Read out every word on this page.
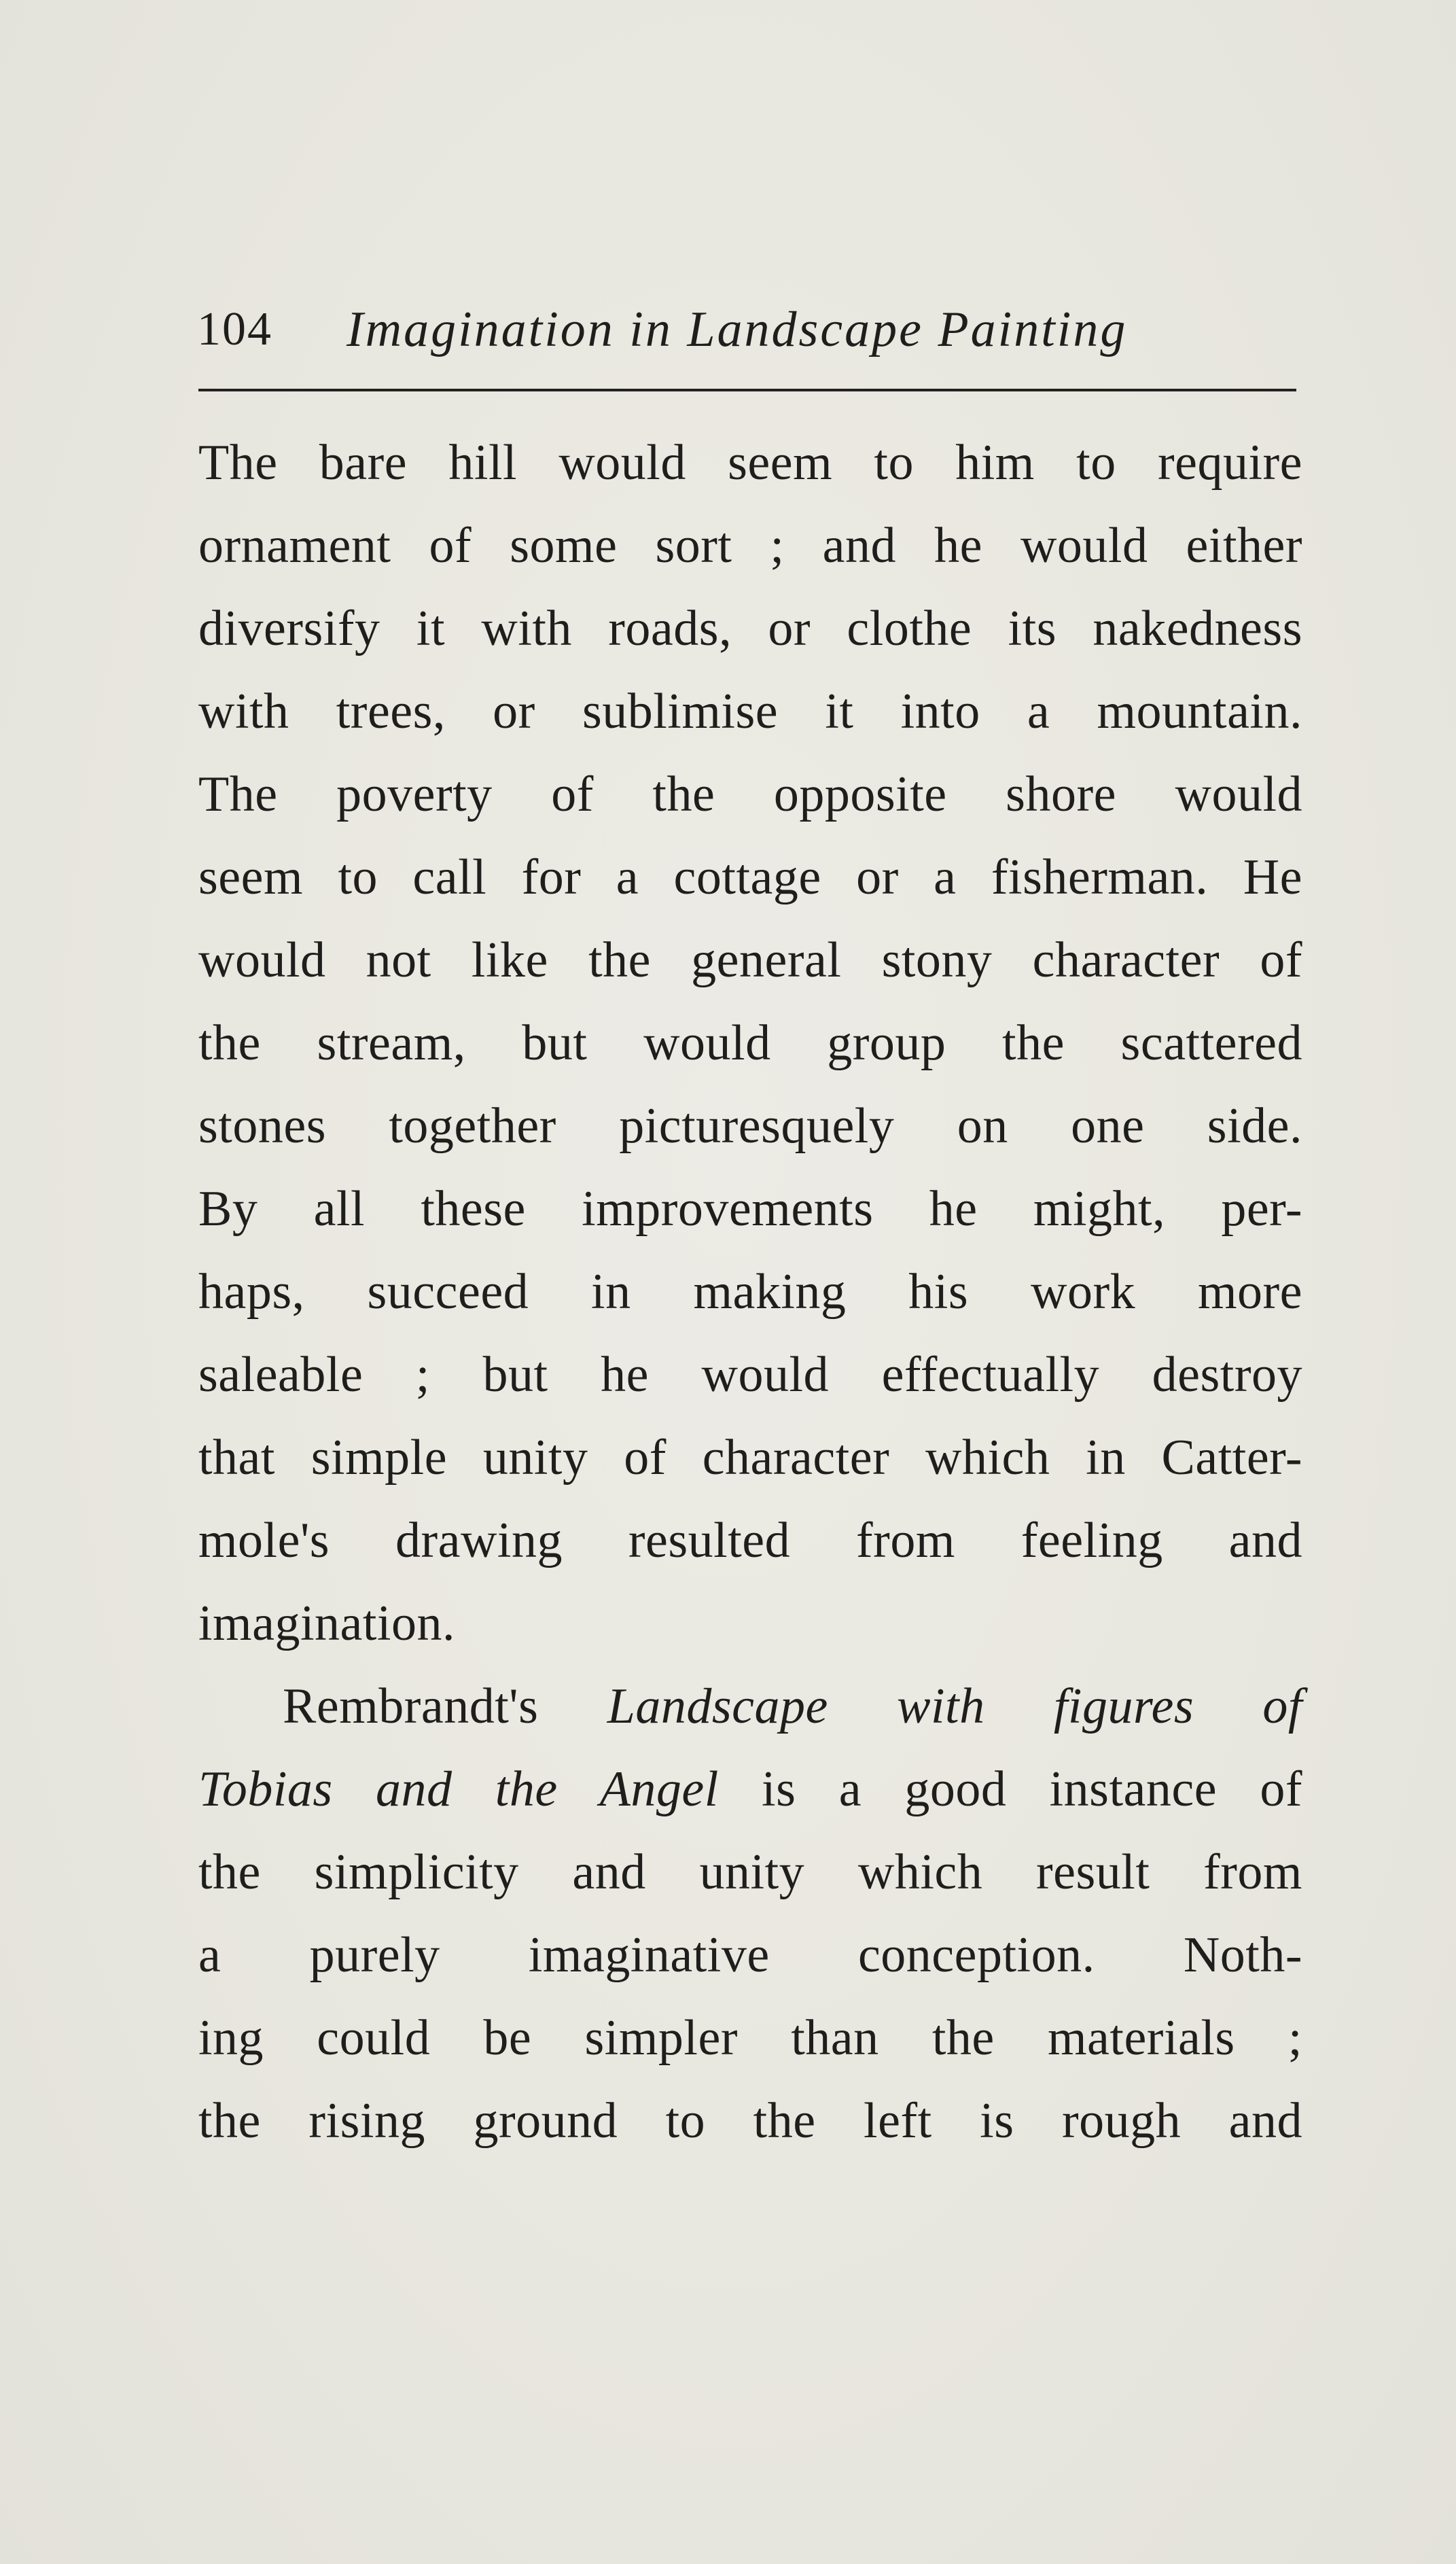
104 Imagination in Landscape Painting
The bare hill would seem to him to require
ornament of some sort ; and he would either
diversify it with roads, or clothe its nakedness
with trees, or sublimise it into a mountain.
The poverty of the opposite shore would
seem to call for a cottage or a fisherman. He
would not like the general stony character of
the stream, but would group the scattered
stones together picturesquely on one side.
By all these improvements he might, per-
haps, succeed in making his work more
saleable ; but he would effectually destroy
that simple unity of character which in Catter-
mole's drawing resulted from feeling and
imagination.
Rembrandt's Landscape with figures of
Tobias and the Angel is a good instance of
the simplicity and unity which result from
a purely imaginative conception. Noth-
ing could be simpler than the materials ;
the rising ground to the left is rough and
